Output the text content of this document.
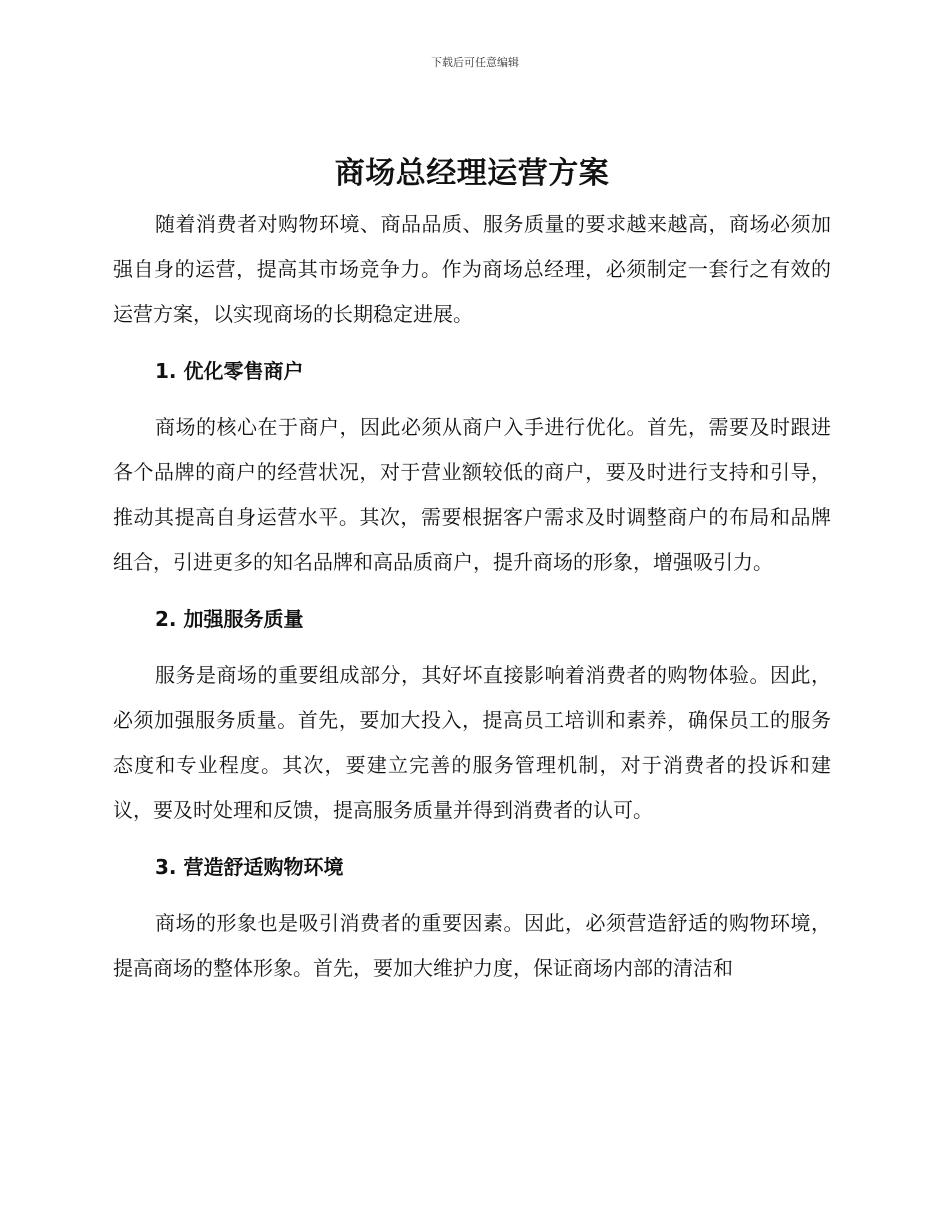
下载后可任意编辑
商场总经理运营方案

随着消费者对购物环境、商品品质、服务质量的要求越来越高，商场必须加强自身的运营，提高其市场竞争力。作为商场总经理，必须制定一套行之有效的运营方案，以实现商场的长期稳定进展。

1. 优化零售商户

商场的核心在于商户，因此必须从商户入手进行优化。首先，需要及时跟进各个品牌的商户的经营状况，对于营业额较低的商户，要及时进行支持和引导，推动其提高自身运营水平。其次，需要根据客户需求及时调整商户的布局和品牌组合，引进更多的知名品牌和高品质商户，提升商场的形象，增强吸引力。

2. 加强服务质量

服务是商场的重要组成部分，其好坏直接影响着消费者的购物体验。因此，必须加强服务质量。首先，要加大投入，提高员工培训和素养，确保员工的服务态度和专业程度。其次，要建立完善的服务管理机制，对于消费者的投诉和建议，要及时处理和反馈，提高服务质量并得到消费者的认可。

3. 营造舒适购物环境

商场的形象也是吸引消费者的重要因素。因此，必须营造舒适的购物环境，提高商场的整体形象。首先，要加大维护力度，保证商场内部的清洁和
